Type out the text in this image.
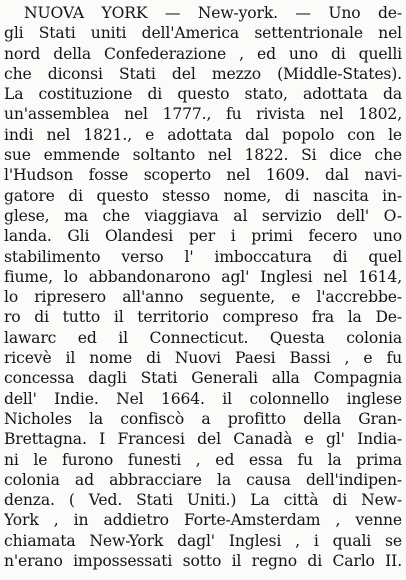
NUOVA YORK — New-york. — Uno de-
gli Stati uniti dell'America settentrionale nel
nord della Confederazione , ed uno di quelli
che diconsi Stati del mezzo (Middle-States).
La costituzione di questo stato, adottata da
un'assemblea nel 1777., fu rivista nel 1802,
indi nel 1821., e adottata dal popolo con le
sue emmende soltanto nel 1822. Si dice che
l'Hudson fosse scoperto nel 1609. dal navi-
gatore di questo stesso nome, di nascita in-
glese, ma che viaggiava al servizio dell' O-
landa. Gli Olandesi per i primi fecero uno
stabilimento verso l' imboccatura di quel
fiume, lo abbandonarono agl' Inglesi nel 1614,
lo ripresero all'anno seguente, e l'accrebbe-
ro di tutto il territorio compreso fra la De-
lawarc ed il Connecticut. Questa colonia
ricevè il nome di Nuovi Paesi Bassi , e fu
concessa dagli Stati Generali alla Compagnia
dell' Indie. Nel 1664. il colonnello inglese
Nicholes la confiscò a profitto della Gran-
Brettagna. I Francesi del Canadà e gl' India-
ni le furono funesti , ed essa fu la prima
colonia ad abbracciare la causa dell'indipen-
denza. ( Ved. Stati Uniti.) La città di New-
York , in addietro Forte-Amsterdam , venne
chiamata New-York dagl' Inglesi , i quali se
n'erano impossessati sotto il regno di Carlo II.
